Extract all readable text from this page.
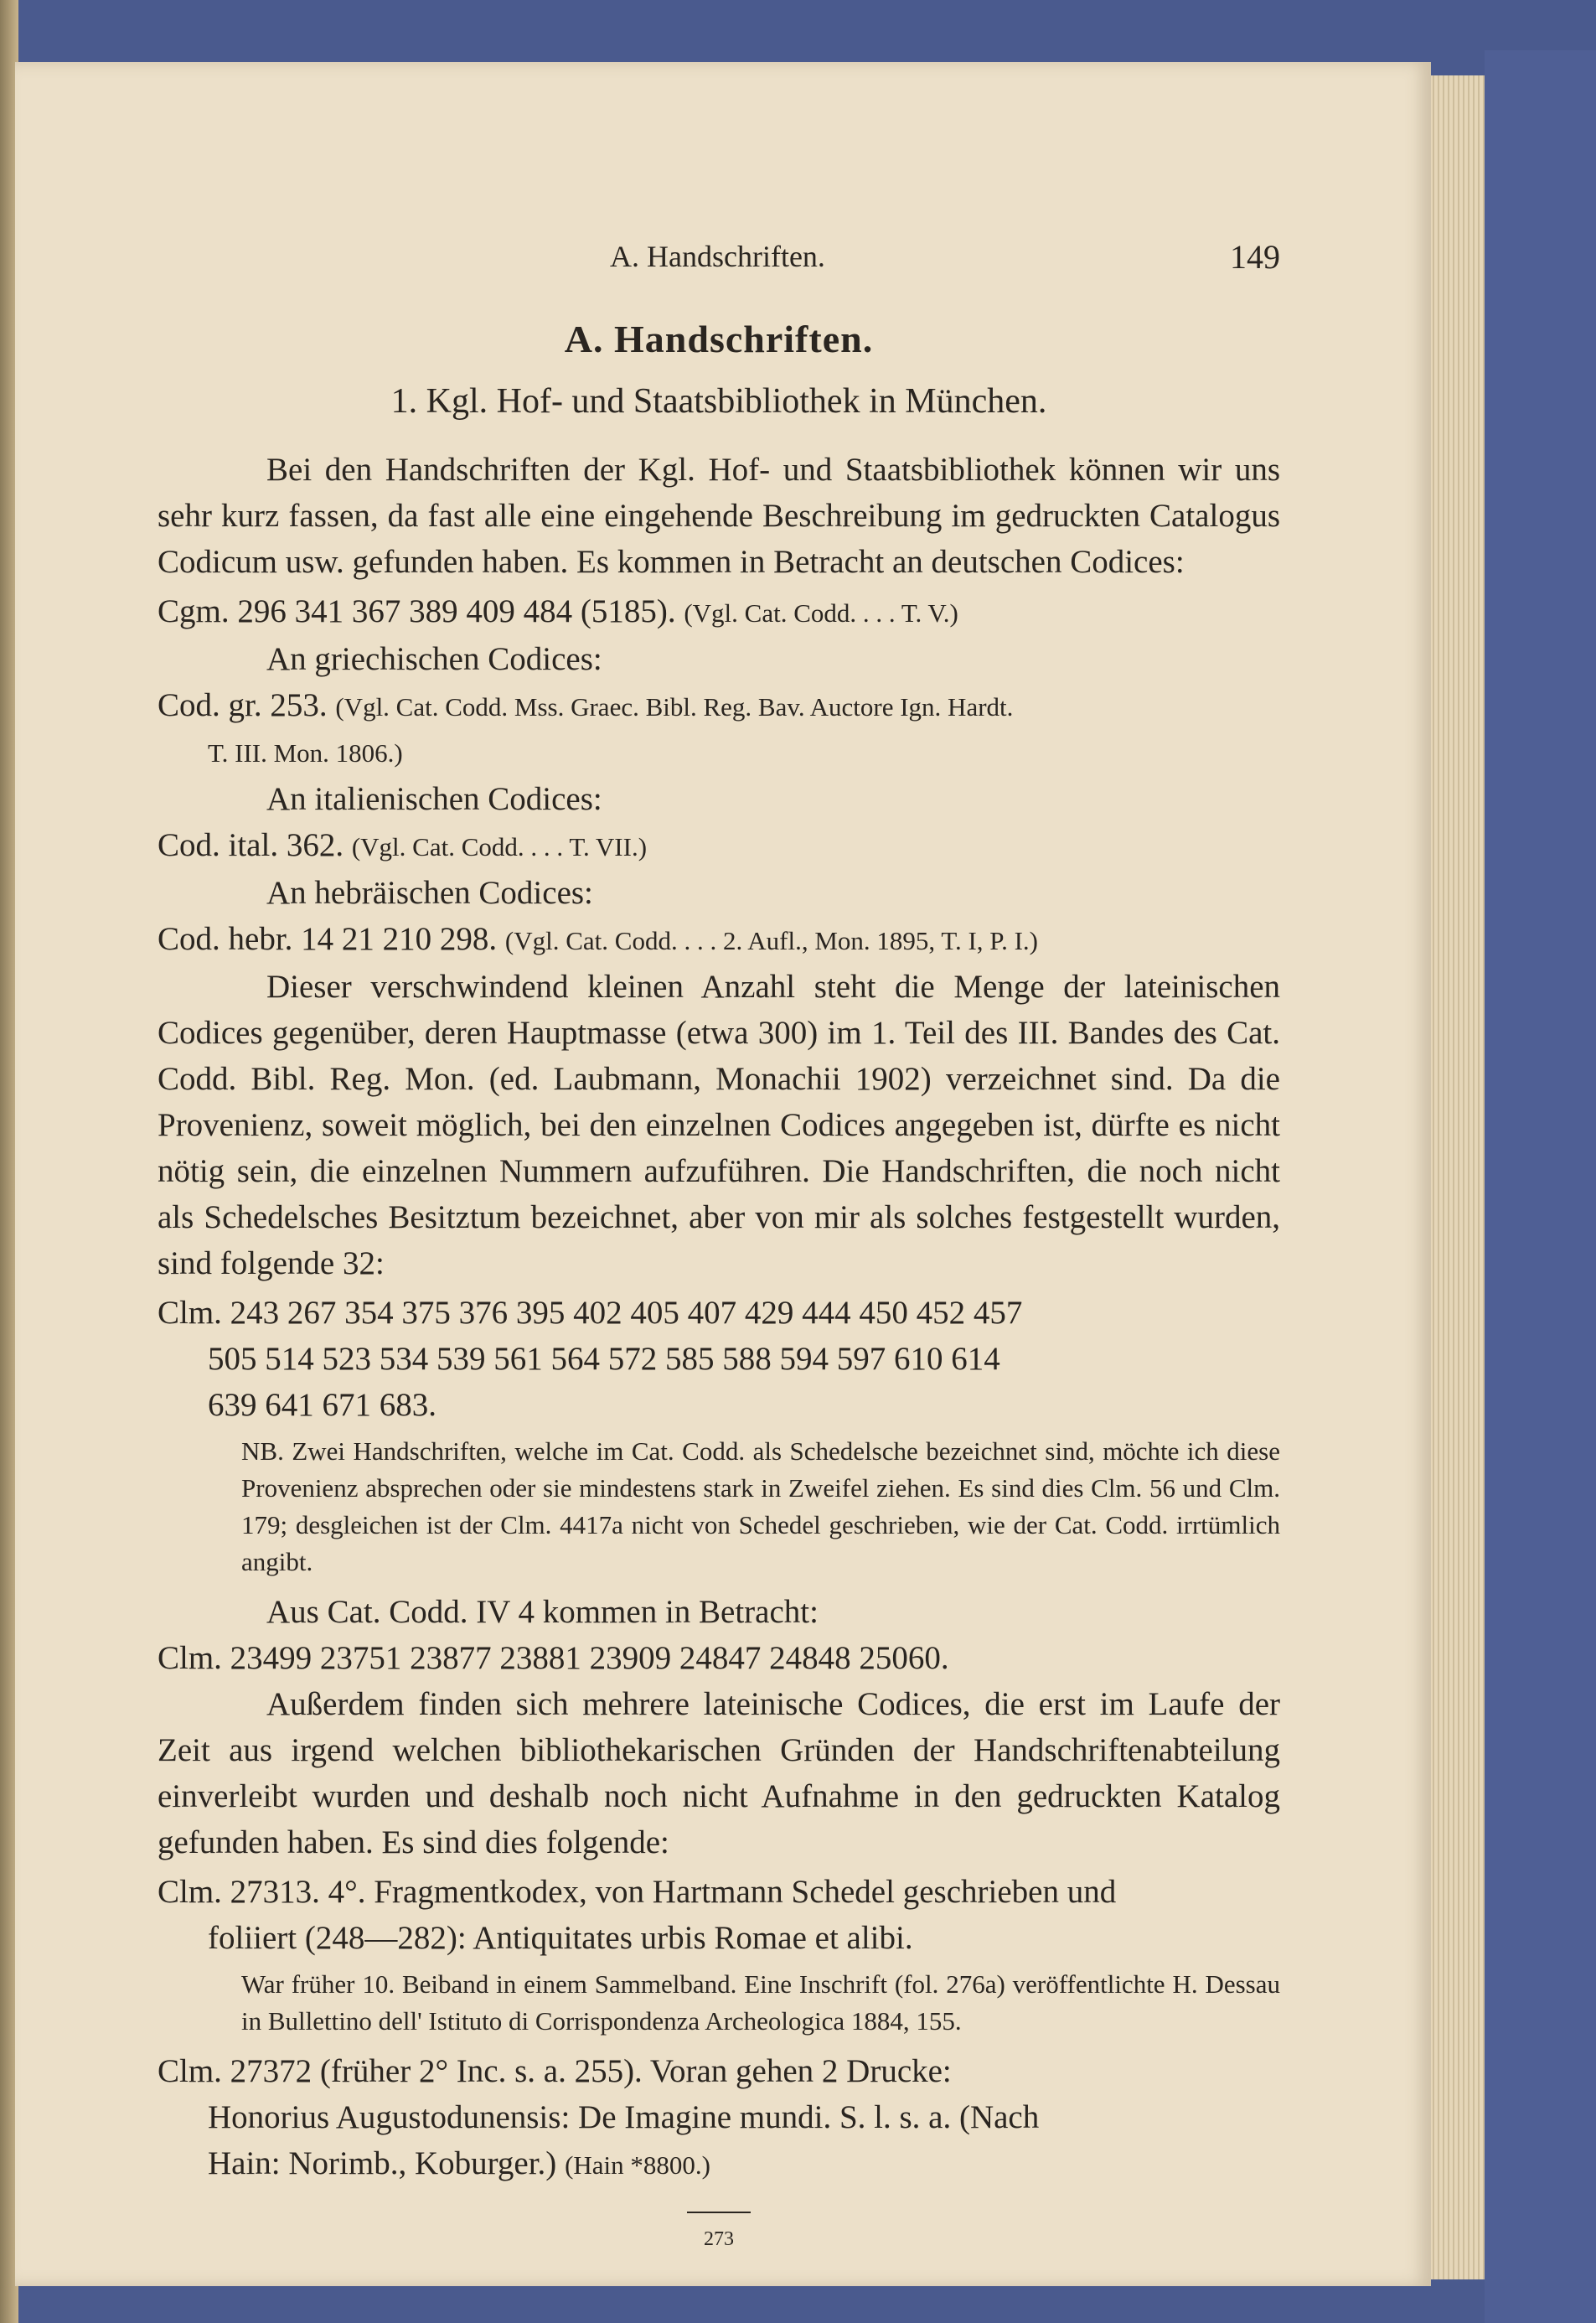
A. Handschriften.	149
A. Handschriften.
1. Kgl. Hof- und Staatsbibliothek in München.

Bei den Handschriften der Kgl. Hof- und Staatsbibliothek können wir uns sehr kurz fassen, da fast alle eine eingehende Beschreibung im gedruckten Catalogus Codicum usw. gefunden haben. Es kommen in Betracht an deutschen Codices:

Cgm. 296 341 367 389 409 484 (5185). (Vgl. Cat. Codd. . . . T. V.)

An griechischen Codices:

Cod. gr. 253. (Vgl. Cat. Codd. Mss. Graec. Bibl. Reg. Bav. Auctore Ign. Hardt.

T. III. Mon. 1806.)

An italienischen Codices:

Cod. ital. 362. (Vgl. Cat. Codd. . . . T. VII.)

An hebräischen Codices:

Cod. hebr. 14 21 210 298. (Vgl. Cat. Codd. . . . 2. Aufl., Mon. 1895, T. I, P. I.)

Dieser verschwindend kleinen Anzahl steht die Menge der lateinischen Codices gegenüber, deren Hauptmasse (etwa 300) im 1. Teil des III. Bandes des Cat. Codd. Bibl. Reg. Mon. (ed. Laubmann, Monachii 1902) verzeichnet sind. Da die Provenienz, soweit möglich, bei den einzelnen Codices angegeben ist, dürfte es nicht nötig sein, die einzelnen Nummern aufzuführen. Die Handschriften, die noch nicht als Schedelsches Besitztum bezeichnet, aber von mir als solches festgestellt wurden, sind folgende 32:

Clm. 243 267 354 375 376 395 402 405 407 429 444 450 452 457

505 514 523 534 539 561 564 572 585 588 594 597 610 614

639 641 671 683.

NB. Zwei Handschriften, welche im Cat. Codd. als Schedelsche bezeichnet sind, möchte ich diese Provenienz absprechen oder sie mindestens stark in Zweifel ziehen. Es sind dies Clm. 56 und Clm. 179; desgleichen ist der Clm. 4417a nicht von Schedel geschrieben, wie der Cat. Codd. irrtümlich angibt.

Aus Cat. Codd. IV 4 kommen in Betracht:

Clm. 23499 23751 23877 23881 23909 24847 24848 25060.

Außerdem finden sich mehrere lateinische Codices, die erst im Laufe der Zeit aus irgend welchen bibliothekarischen Gründen der Handschriftenabteilung einverleibt wurden und deshalb noch nicht Aufnahme in den gedruckten Katalog gefunden haben. Es sind dies folgende:

Clm. 27313. 4°. Fragmentkodex, von Hartmann Schedel geschrieben und

foliiert (248—282): Antiquitates urbis Romae et alibi.

War früher 10. Beiband in einem Sammelband. Eine Inschrift (fol. 276a) veröffentlichte H. Dessau in Bullettino dell' Istituto di Corrispondenza Archeologica 1884, 155.

Clm. 27372 (früher 2° Inc. s. a. 255). Voran gehen 2 Drucke:

Honorius Augustodunensis: De Imagine mundi. S. l. s. a. (Nach

Hain: Norimb., Koburger.) (Hain *8800.)

273
